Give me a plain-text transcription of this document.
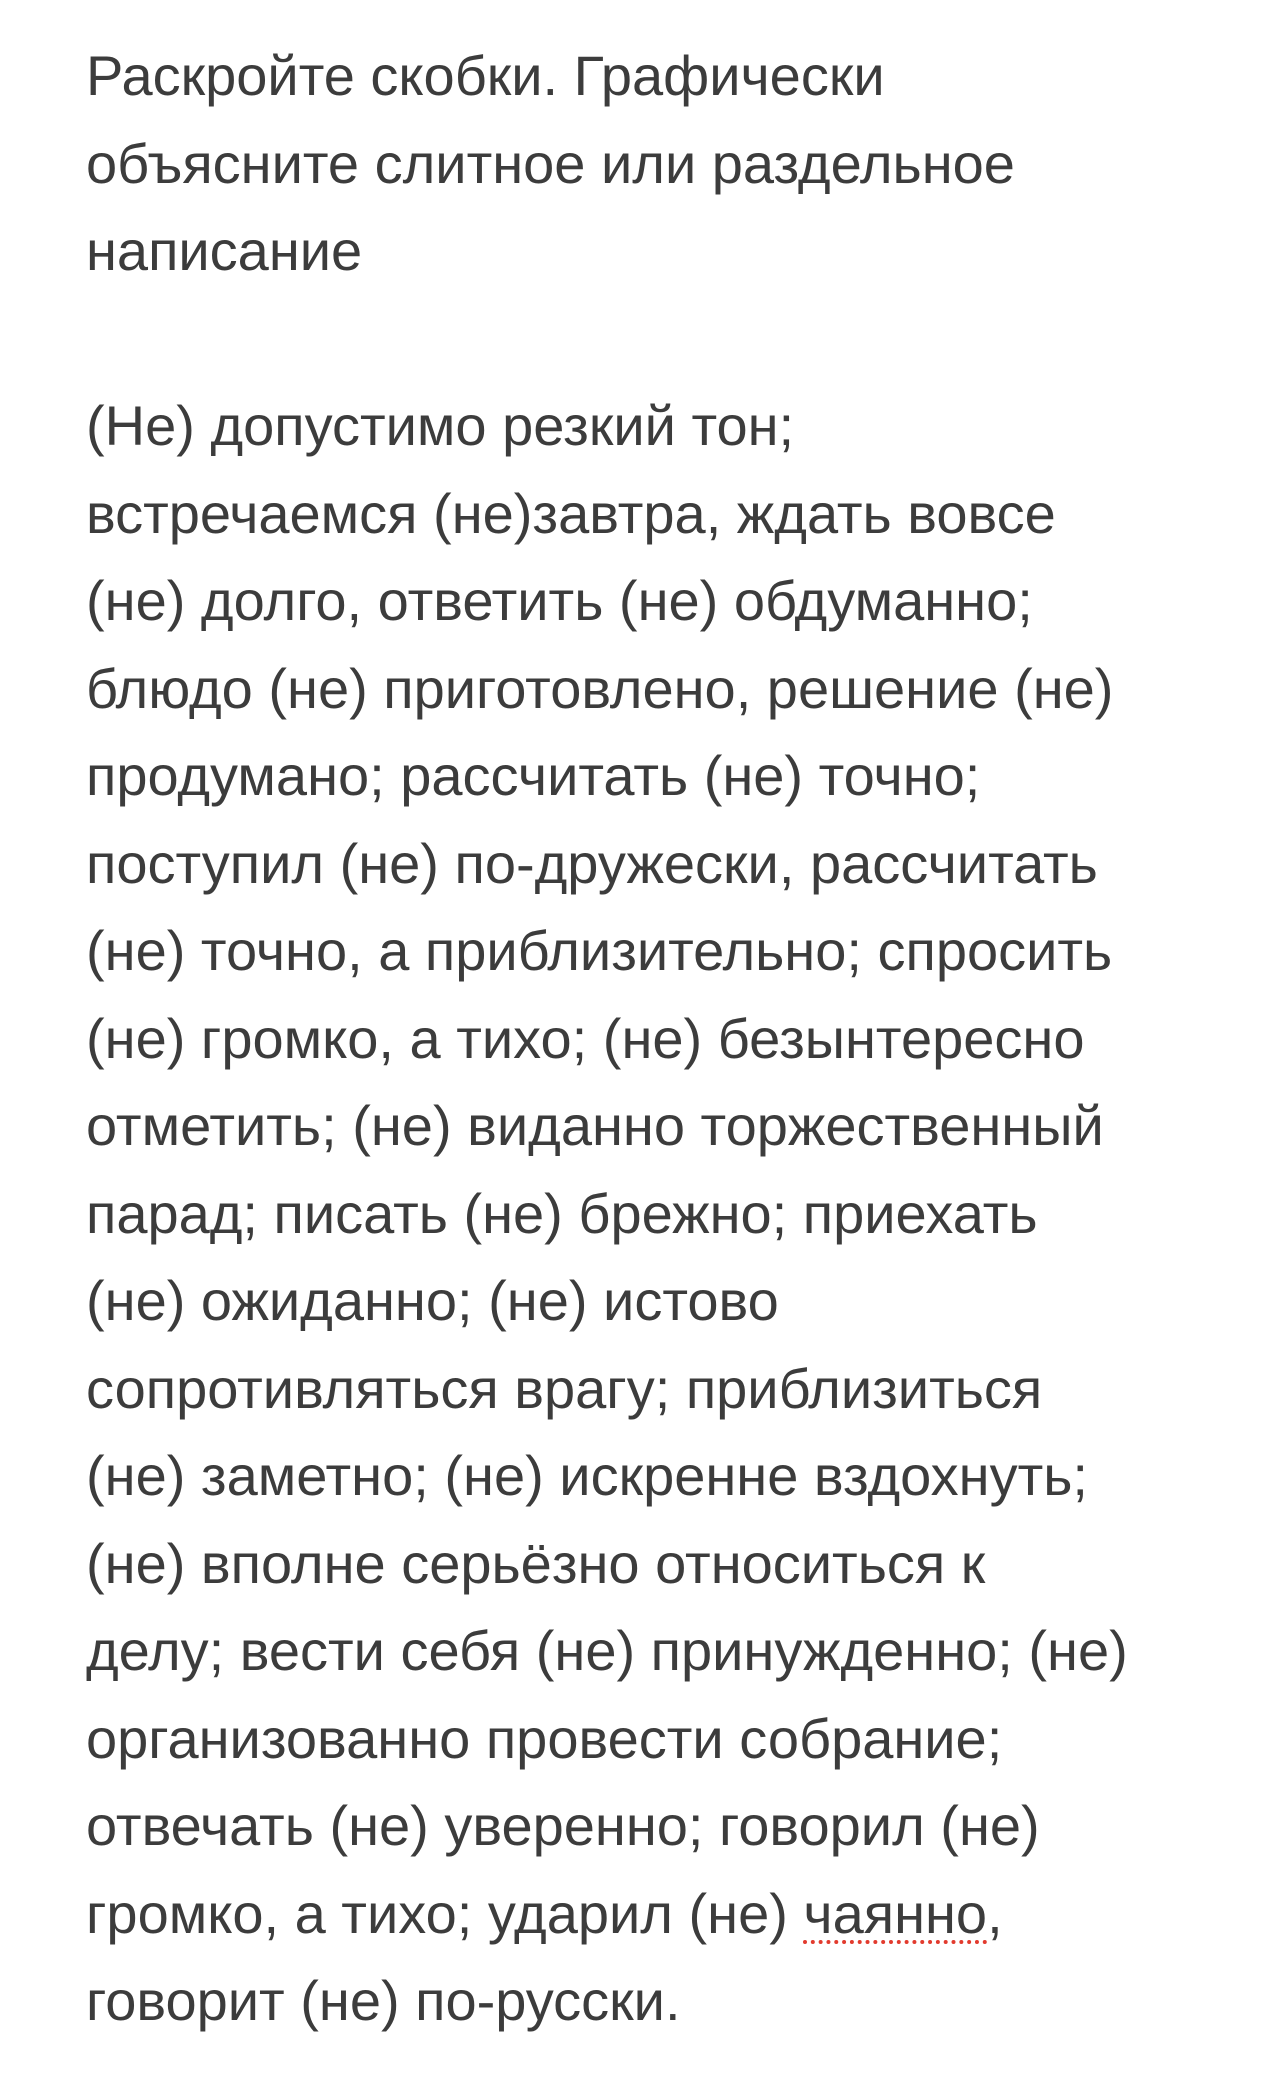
Раскройте скобки. Графически
объясните слитное или раздельное
написание

(Не) допустимо резкий тон;
встречаемся (не)завтра, ждать вовсе
(не) долго, ответить (не) обдуманно;
блюдо (не) приготовлено, решение (не)
продумано; рассчитать (не) точно;
поступил (не) по-дружески, рассчитать
(не) точно, а приблизительно; спросить
(не) громко, а тихо; (не) безынтересно
отметить; (не) виданно торжественный
парад; писать (не) брежно; приехать
(не) ожиданно; (не) истово
сопротивляться врагу; приблизиться
(не) заметно; (не) искренне вздохнуть;
(не) вполне серьёзно относиться к
делу; вести себя (не) принужденно; (не)
организованно провести собрание;
отвечать (не) уверенно; говорил (не)
громко, а тихо; ударил (не) чаянно,
говорит (не) по-русски.
